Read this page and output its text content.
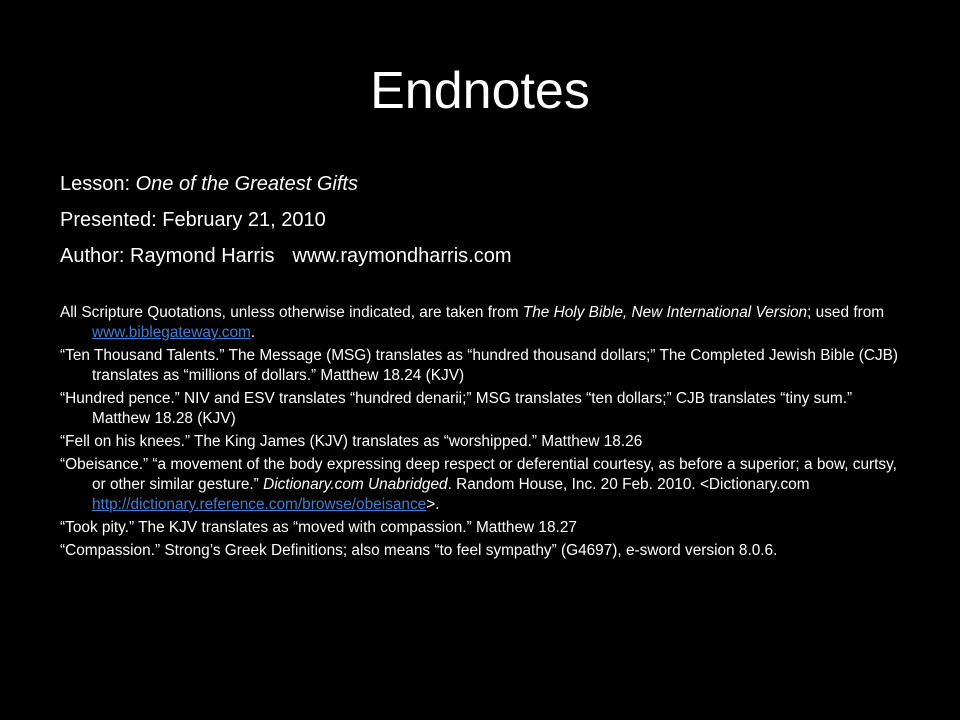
Endnotes
Lesson: One of the Greatest Gifts
Presented: February 21, 2010
Author: Raymond Harris www.raymondharris.com
All Scripture Quotations, unless otherwise indicated, are taken from The Holy Bible, New International Version; used from www.biblegateway.com.
“Ten Thousand Talents.” The Message (MSG) translates as “hundred thousand dollars;” The Completed Jewish Bible (CJB) translates as “millions of dollars.” Matthew 18.24 (KJV)
“Hundred pence.” NIV and ESV translates “hundred denarii;” MSG translates “ten dollars;” CJB translates “tiny sum.” Matthew 18.28 (KJV)
“Fell on his knees.” The King James (KJV) translates as “worshipped.” Matthew 18.26
“Obeisance.” “a movement of the body expressing deep respect or deferential courtesy, as before a superior; a bow, curtsy, or other similar gesture.” Dictionary.com Unabridged. Random House, Inc. 20 Feb. 2010. <Dictionary.com http://dictionary.reference.com/browse/obeisance>.
“Took pity.” The KJV translates as “moved with compassion.” Matthew 18.27
“Compassion.” Strong’s Greek Definitions; also means “to feel sympathy” (G4697), e-sword version 8.0.6.
